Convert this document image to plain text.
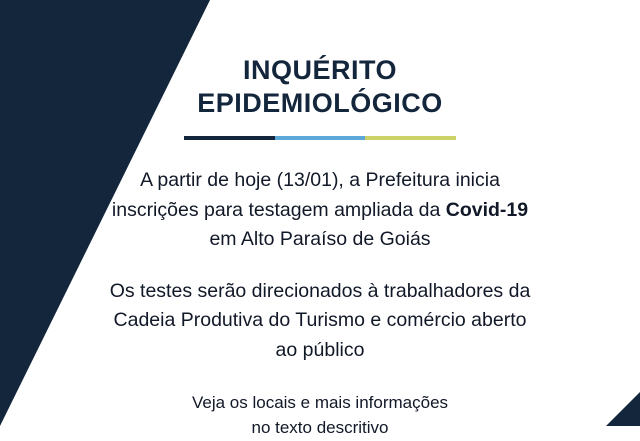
INQUÉRITO
EPIDEMIOLÓGICO

A partir de hoje (13/01), a Prefeitura inicia
inscrições para testagem ampliada da Covid-19
em Alto Paraíso de Goiás

Os testes serão direcionados à trabalhadores da
Cadeia Produtiva do Turismo e comércio aberto
ao público

Veja os locais e mais informações
no texto descritivo
